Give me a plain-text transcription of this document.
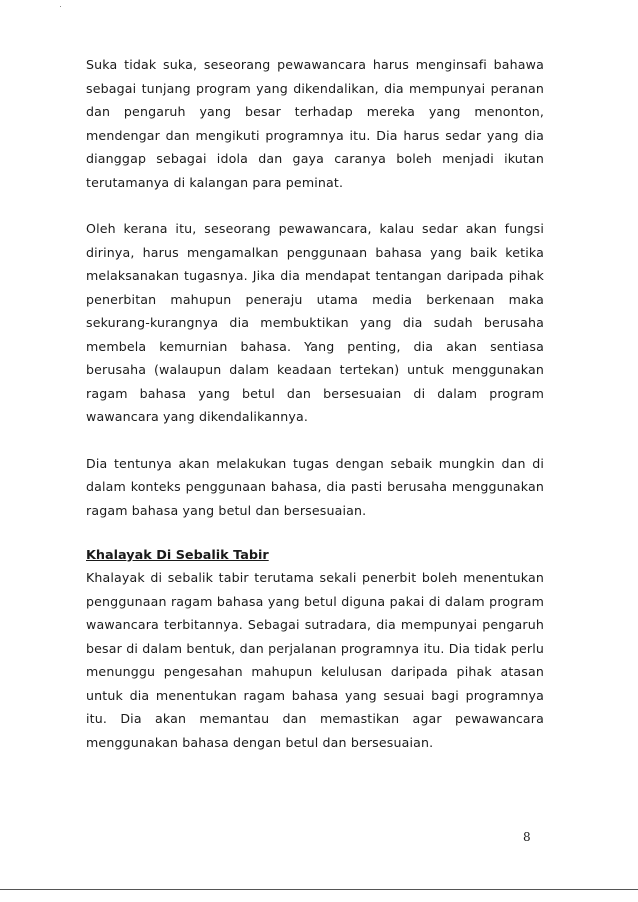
Suka tidak suka, seseorang pewawancara harus menginsafi bahawa sebagai tunjang program yang dikendalikan, dia mempunyai peranan dan pengaruh yang besar terhadap mereka yang menonton, mendengar dan mengikuti programnya itu. Dia harus sedar yang dia dianggap sebagai idola dan gaya caranya boleh menjadi ikutan terutamanya di kalangan para peminat.

Oleh kerana itu, seseorang pewawancara, kalau sedar akan fungsi dirinya, harus mengamalkan penggunaan bahasa yang baik ketika melaksanakan tugasnya. Jika dia mendapat tentangan daripada pihak penerbitan mahupun peneraju utama media berkenaan maka sekurang-kurangnya dia membuktikan yang dia sudah berusaha membela kemurnian bahasa. Yang penting, dia akan sentiasa berusaha (walaupun dalam keadaan tertekan) untuk menggunakan ragam bahasa yang betul dan bersesuaian di dalam program wawancara yang dikendalikannya.

Dia tentunya akan melakukan tugas dengan sebaik mungkin dan di dalam konteks penggunaan bahasa, dia pasti berusaha menggunakan ragam bahasa yang betul dan bersesuaian.

Khalayak Di Sebalik Tabir

Khalayak di sebalik tabir terutama sekali penerbit boleh menentukan penggunaan ragam bahasa yang betul diguna pakai di dalam program wawancara terbitannya. Sebagai sutradara, dia mempunyai pengaruh besar di dalam bentuk, dan perjalanan programnya itu. Dia tidak perlu menunggu pengesahan mahupun kelulusan daripada pihak atasan untuk dia menentukan ragam bahasa yang sesuai bagi programnya itu. Dia akan memantau dan memastikan agar pewawancara menggunakan bahasa dengan betul dan bersesuaian.

8
